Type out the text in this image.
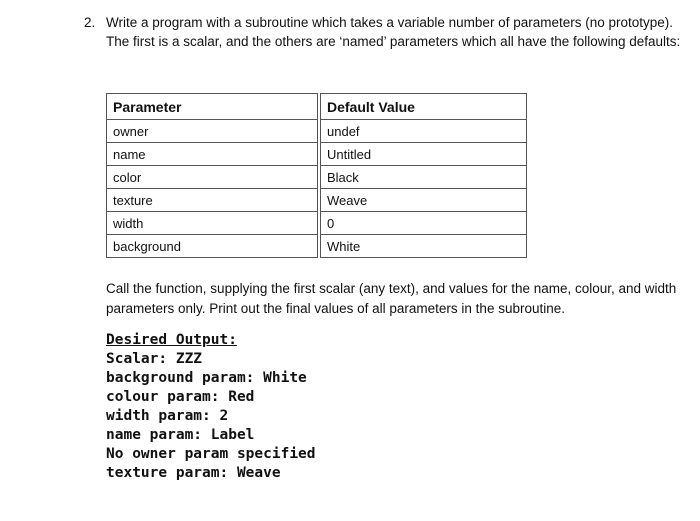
2. Write a program with a subroutine which takes a variable number of parameters (no prototype). The first is a scalar, and the others are ‘named’ parameters which all have the following defaults:
Parameter	Default Value
owner	undef
name	Untitled
color	Black
texture	Weave
width	0
background	White
Call the function, supplying the first scalar (any text), and values for the name, colour, and width parameters only. Print out the final values of all parameters in the subroutine.
Desired Output:
Scalar: ZZZ
background param: White
colour param: Red
width param: 2
name param: Label
No owner param specified
texture param: Weave
